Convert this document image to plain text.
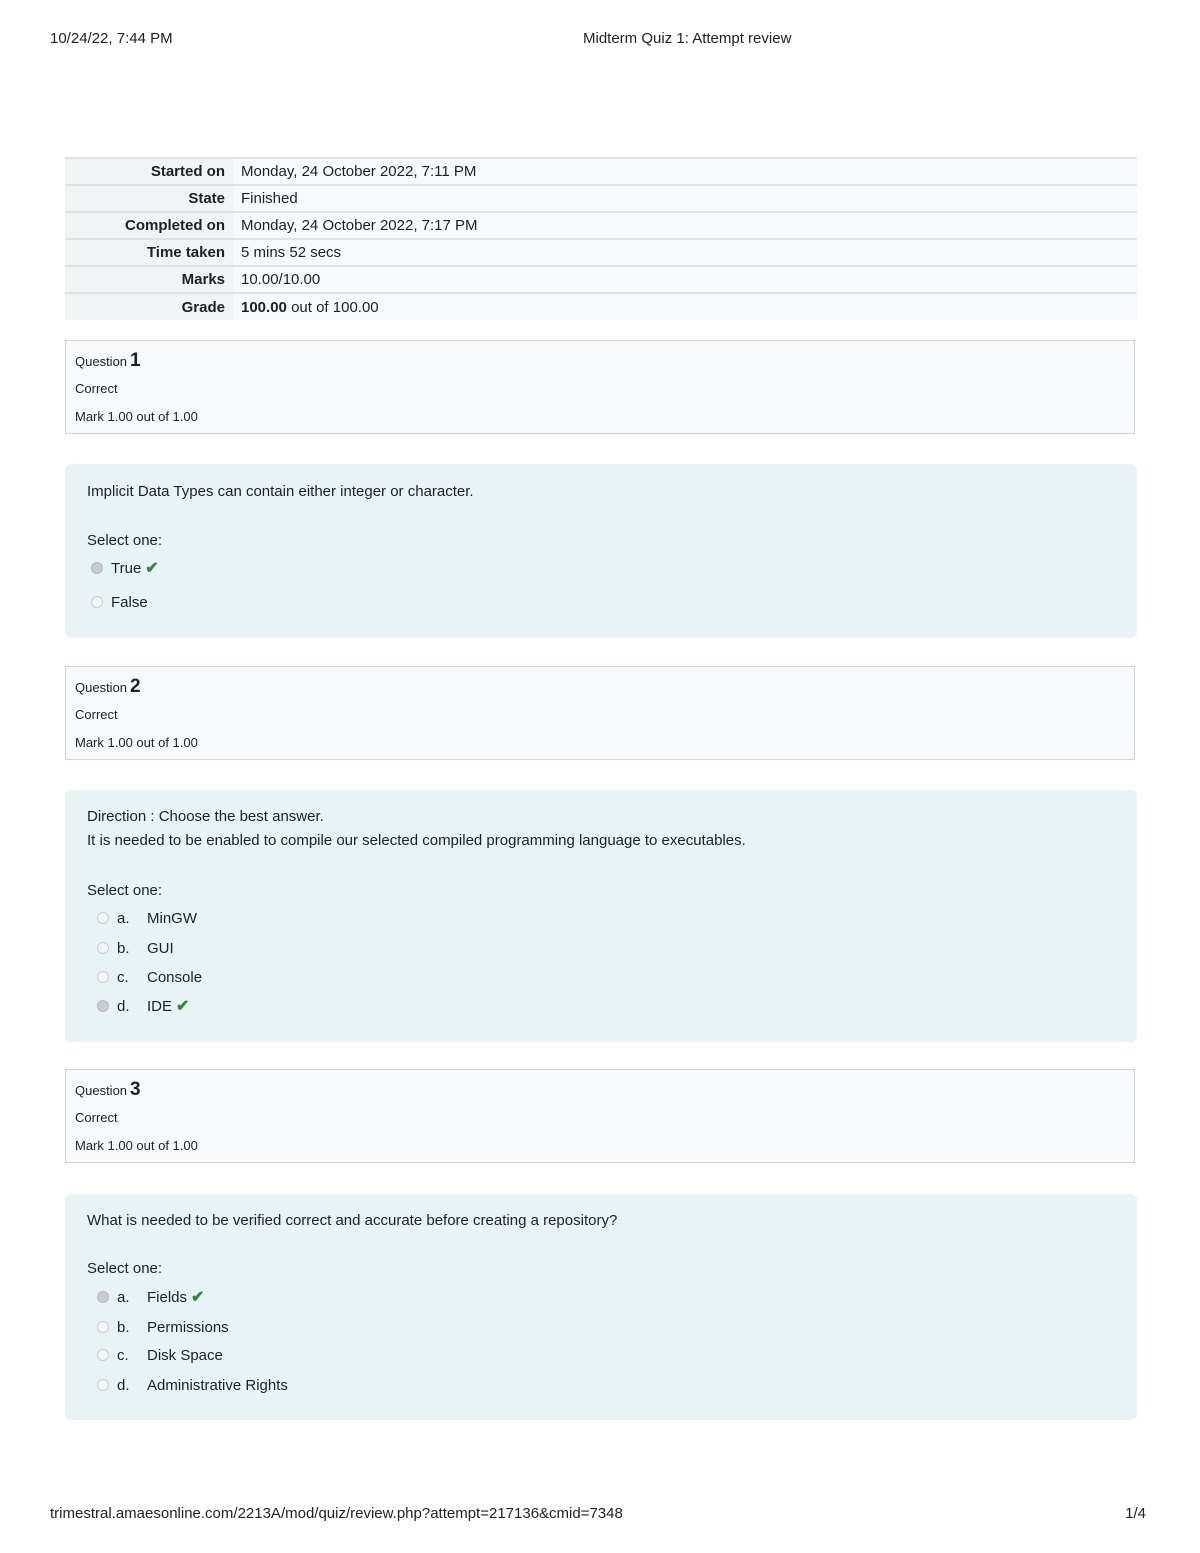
10/24/22, 7:44 PM	Midterm Quiz 1: Attempt review
Started on	Monday, 24 October 2022, 7:11 PM
State	Finished
Completed on	Monday, 24 October 2022, 7:17 PM
Time taken	5 mins 52 secs
Marks	10.00/10.00
Grade	100.00 out of 100.00
Question 1
Correct
Mark 1.00 out of 1.00
Implicit Data Types can contain either integer or character.
Select one:
True ✔
False
Question 2
Correct
Mark 1.00 out of 1.00
Direction : Choose the best answer.
It is needed to be enabled to compile our selected compiled programming language to executables.
Select one:
a.	MinGW
b.	GUI
c.	Console
d.	IDE ✔
Question 3
Correct
Mark 1.00 out of 1.00
What is needed to be verified correct and accurate before creating a repository?
Select one:
a.	Fields ✔
b.	Permissions
c.	Disk Space
d.	Administrative Rights
trimestral.amaesonline.com/2213A/mod/quiz/review.php?attempt=217136&cmid=7348	1/4
